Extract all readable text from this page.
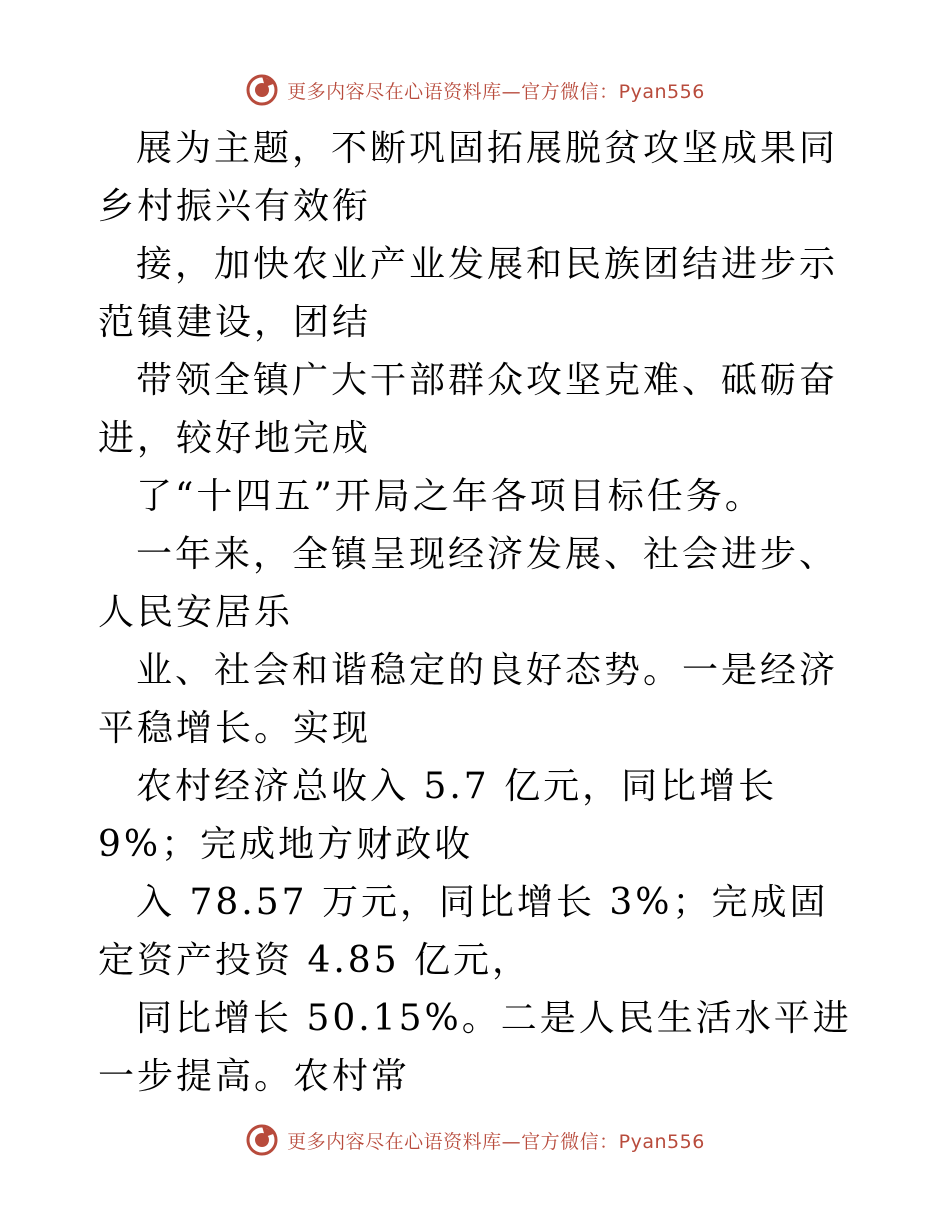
更多内容尽在心语资料库—官方微信：Pyan556

展为主题，不断巩固拓展脱贫攻坚成果同乡村振兴有效衔

接，加快农业产业发展和民族团结进步示范镇建设，团结

带领全镇广大干部群众攻坚克难、砥砺奋进，较好地完成

了“十四五”开局之年各项目标任务。

一年来，全镇呈现经济发展、社会进步、人民安居乐

业、社会和谐稳定的良好态势。一是经济平稳增长。实现

农村经济总收入 5.7 亿元，同比增长 9%；完成地方财政收

入 78.57 万元，同比增长 3%；完成固定资产投资 4.85 亿元，

同比增长 50.15%。二是人民生活水平进一步提高。农村常

更多内容尽在心语资料库—官方微信：Pyan556
